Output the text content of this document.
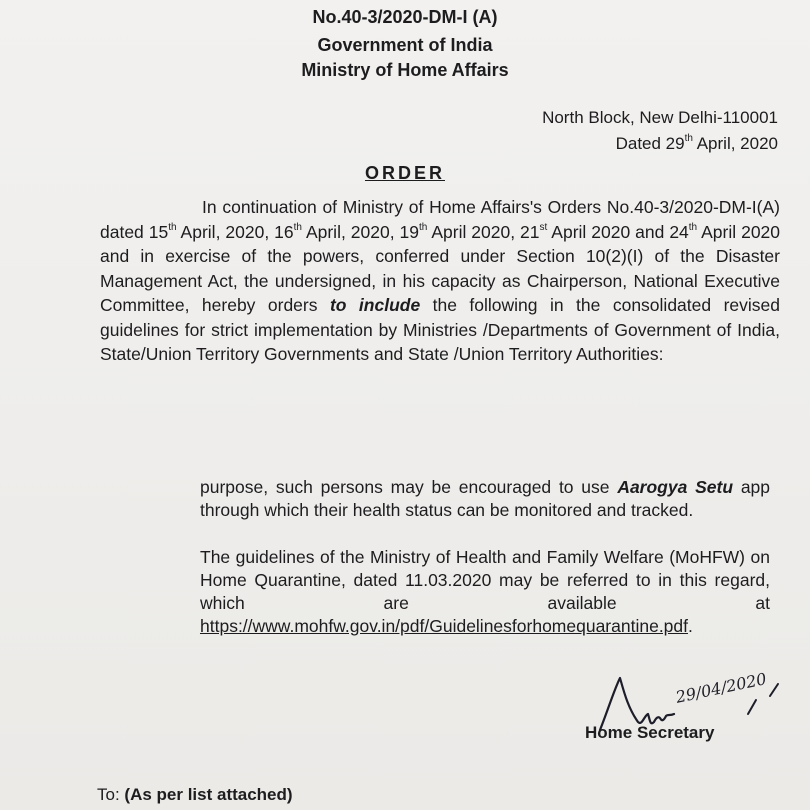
No.40-3/2020-DM-I (A)

Government of India

Ministry of Home Affairs

North Block, New Delhi-110001
Dated 29th April, 2020
ORDER
In continuation of Ministry of Home Affairs's Orders No.40-3/2020-DM-I(A) dated 15th April, 2020, 16th April, 2020, 19th April 2020, 21st April 2020 and 24th April 2020 and in exercise of the powers, conferred under Section 10(2)(I) of the Disaster Management Act, the undersigned, in his capacity as Chairperson, National Executive Committee, hereby orders to include the following in the consolidated revised guidelines for strict implementation by Ministries /Departments of Government of India, State/Union Territory Governments and State /Union Territory Authorities:
purpose, such persons may be encouraged to use Aarogya Setu app through which their health status can be monitored and tracked.
The guidelines of the Ministry of Health and Family Welfare (MoHFW) on Home Quarantine, dated 11.03.2020 may be referred to in this regard, which are available at https://www.mohfw.gov.in/pdf/Guidelinesforhomequarantine.pdf.
29/04/2020
Home Secretary
To: (As per list attached)
